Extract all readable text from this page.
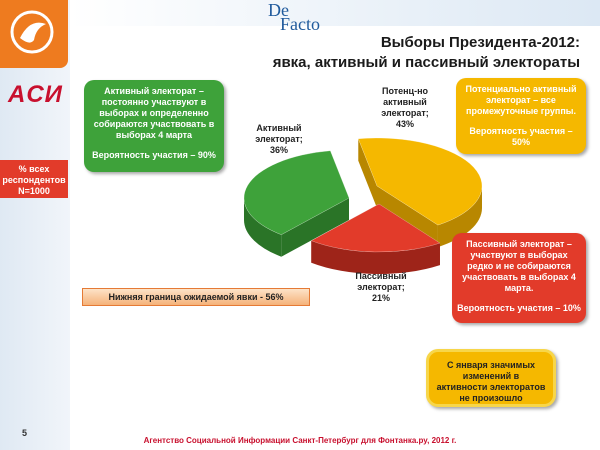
ACИ
% всех
респондентов
N=1000
5
De
Facto
Выборы Президента-2012:
явка, активный и пассивный электораты
Активный электорат –
постоянно участвуют в
выборах и определенно
собираются участвовать в
выборах 4 марта
Вероятность участия – 90%
Потенциально активный
электорат – все
промежуточные группы.
Вероятность участия –
50%
Пассивный электорат –
участвуют в выборах
редко и не собираются
участвовать в выборах 4
марта.
Вероятность участия – 10%
Активный
электорат;
36%
Потенц-но
активный
электорат;
43%
Пассивный
электорат;
21%
Нижняя граница ожидаемой явки - 56%
С января значимых
изменений в
активности электоратов
не произошло
Агентство Социальной Информации Санкт-Петербург для Фонтанка.ру, 2012 г.
